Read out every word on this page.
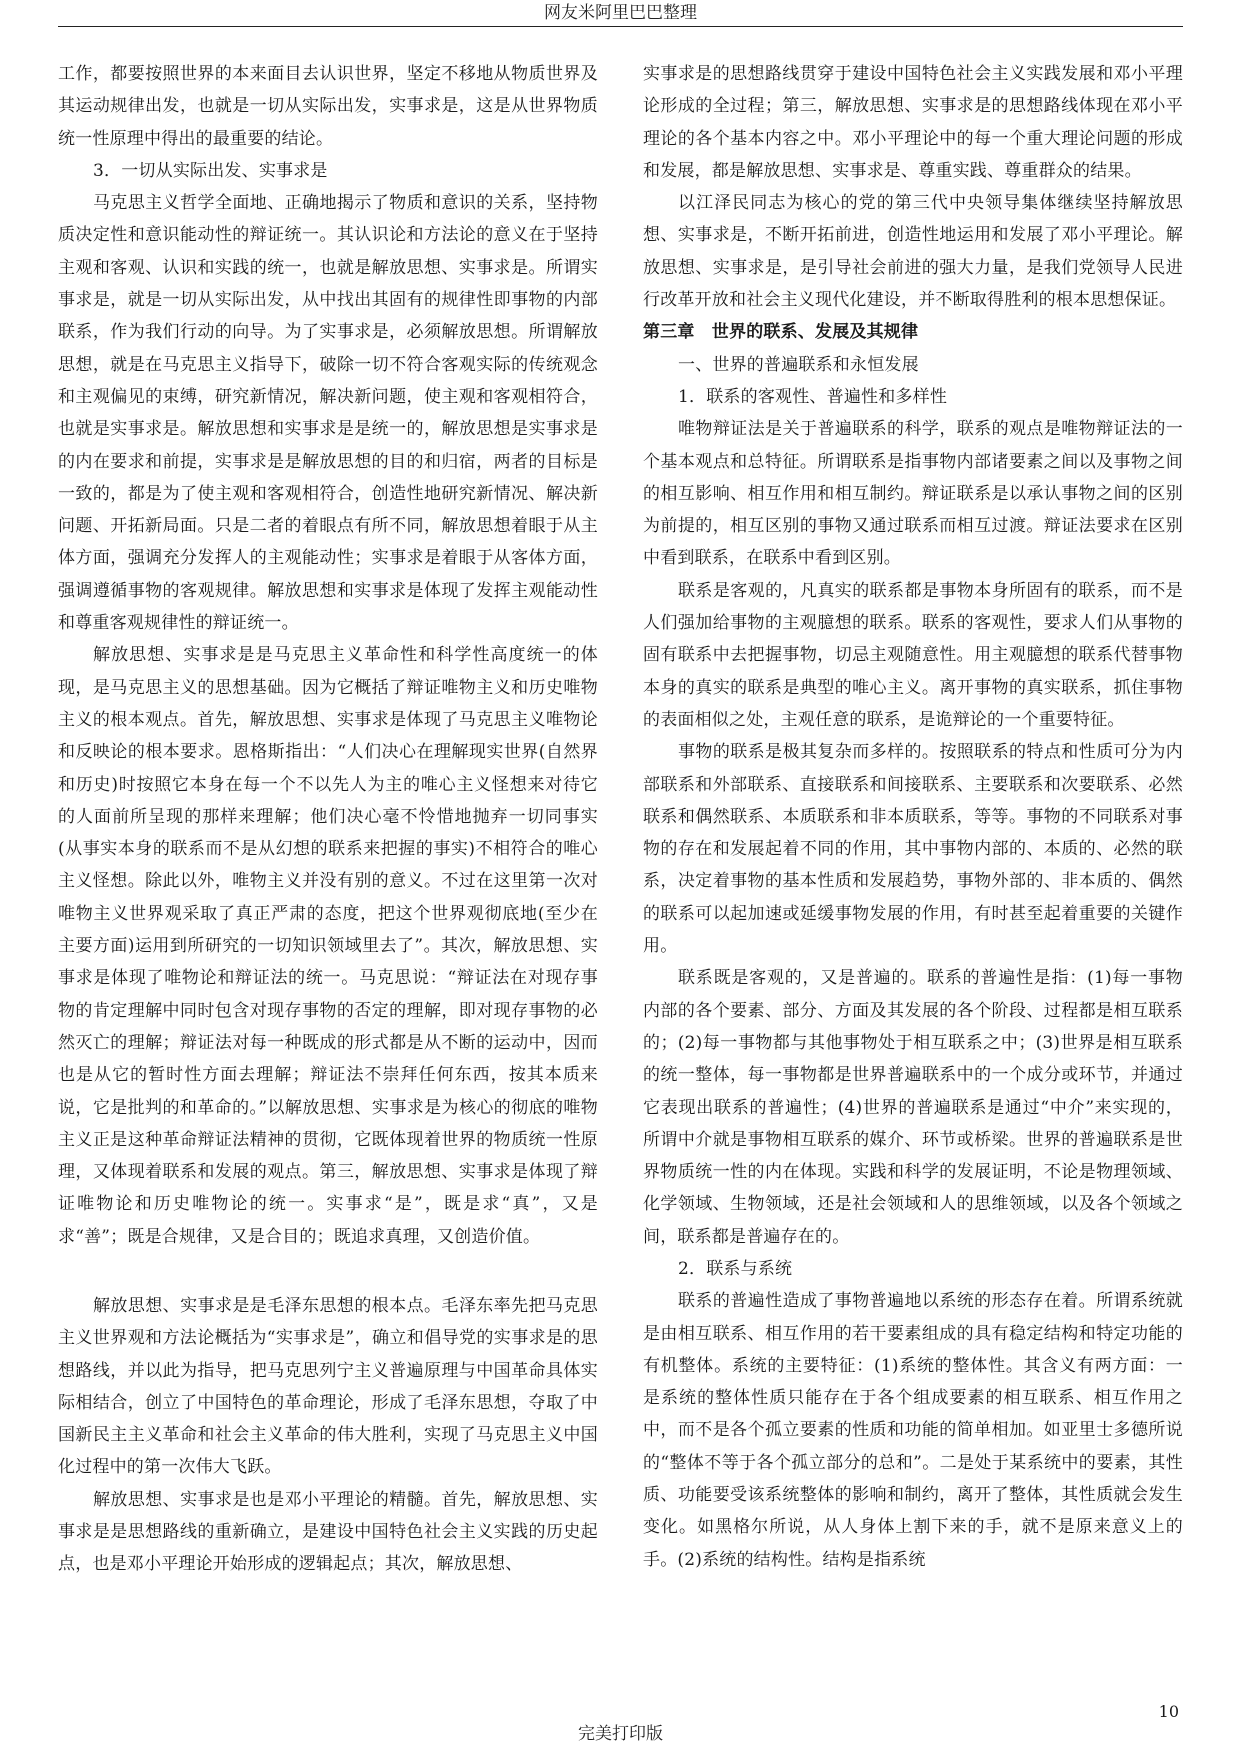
网友米阿里巴巴整理

工作，都要按照世界的本来面目去认识世界，坚定不移地从物质世界及其运动规律出发，也就是一切从实际出发，实事求是，这是从世界物质统一性原理中得出的最重要的结论。

3．一切从实际出发、实事求是

马克思主义哲学全面地、正确地揭示了物质和意识的关系，坚持物质决定性和意识能动性的辩证统一。其认识论和方法论的意义在于坚持主观和客观、认识和实践的统一，也就是解放思想、实事求是。所谓实事求是，就是一切从实际出发，从中找出其固有的规律性即事物的内部联系，作为我们行动的向导。为了实事求是，必须解放思想。所谓解放思想，就是在马克思主义指导下，破除一切不符合客观实际的传统观念和主观偏见的束缚，研究新情况，解决新问题，使主观和客观相符合，也就是实事求是。解放思想和实事求是是统一的，解放思想是实事求是的内在要求和前提，实事求是是解放思想的目的和归宿，两者的目标是一致的，都是为了使主观和客观相符合，创造性地研究新情况、解决新问题、开拓新局面。只是二者的着眼点有所不同，解放思想着眼于从主体方面，强调充分发挥人的主观能动性；实事求是着眼于从客体方面，强调遵循事物的客观规律。解放思想和实事求是体现了发挥主观能动性和尊重客观规律性的辩证统一。

解放思想、实事求是是马克思主义革命性和科学性高度统一的体现，是马克思主义的思想基础。因为它概括了辩证唯物主义和历史唯物主义的根本观点。首先，解放思想、实事求是体现了马克思主义唯物论和反映论的根本要求。恩格斯指出：“人们决心在理解现实世界(自然界和历史)时按照它本身在每一个不以先人为主的唯心主义怪想来对待它的人面前所呈现的那样来理解；他们决心毫不怜惜地抛弃一切同事实(从事实本身的联系而不是从幻想的联系来把握的事实)不相符合的唯心主义怪想。除此以外，唯物主义并没有别的意义。不过在这里第一次对唯物主义世界观采取了真正严肃的态度，把这个世界观彻底地(至少在主要方面)运用到所研究的一切知识领域里去了”。其次，解放思想、实事求是体现了唯物论和辩证法的统一。马克思说：“辩证法在对现存事物的肯定理解中同时包含对现存事物的否定的理解，即对现存事物的必然灭亡的理解；辩证法对每一种既成的形式都是从不断的运动中，因而也是从它的暂时性方面去理解；辩证法不崇拜任何东西，按其本质来说，它是批判的和革命的。”以解放思想、实事求是为核心的彻底的唯物主义正是这种革命辩证法精神的贯彻，它既体现着世界的物质统一性原理，又体现着联系和发展的观点。第三，解放思想、实事求是体现了辩证唯物论和历史唯物论的统一。实事求“是”，既是求“真”，又是求“善”；既是合规律，又是合目的；既追求真理，又创造价值。

解放思想、实事求是是毛泽东思想的根本点。毛泽东率先把马克思主义世界观和方法论概括为“实事求是”，确立和倡导党的实事求是的思想路线，并以此为指导，把马克思列宁主义普遍原理与中国革命具体实际相结合，创立了中国特色的革命理论，形成了毛泽东思想，夺取了中国新民主主义革命和社会主义革命的伟大胜利，实现了马克思主义中国化过程中的第一次伟大飞跃。

解放思想、实事求是也是邓小平理论的精髓。首先，解放思想、实事求是是思想路线的重新确立，是建设中国特色社会主义实践的历史起点，也是邓小平理论开始形成的逻辑起点；其次，解放思想、

实事求是的思想路线贯穿于建设中国特色社会主义实践发展和邓小平理论形成的全过程；第三，解放思想、实事求是的思想路线体现在邓小平理论的各个基本内容之中。邓小平理论中的每一个重大理论问题的形成和发展，都是解放思想、实事求是、尊重实践、尊重群众的结果。

以江泽民同志为核心的党的第三代中央领导集体继续坚持解放思想、实事求是，不断开拓前进，创造性地运用和发展了邓小平理论。解放思想、实事求是，是引导社会前进的强大力量，是我们党领导人民进行改革开放和社会主义现代化建设，并不断取得胜利的根本思想保证。

第三章　世界的联系、发展及其规律

一、世界的普遍联系和永恒发展

1．联系的客观性、普遍性和多样性

唯物辩证法是关于普遍联系的科学，联系的观点是唯物辩证法的一个基本观点和总特征。所谓联系是指事物内部诸要素之间以及事物之间的相互影响、相互作用和相互制约。辩证联系是以承认事物之间的区别为前提的，相互区别的事物又通过联系而相互过渡。辩证法要求在区别中看到联系，在联系中看到区别。

联系是客观的，凡真实的联系都是事物本身所固有的联系，而不是人们强加给事物的主观臆想的联系。联系的客观性，要求人们从事物的固有联系中去把握事物，切忌主观随意性。用主观臆想的联系代替事物本身的真实的联系是典型的唯心主义。离开事物的真实联系，抓住事物的表面相似之处，主观任意的联系，是诡辩论的一个重要特征。

事物的联系是极其复杂而多样的。按照联系的特点和性质可分为内部联系和外部联系、直接联系和间接联系、主要联系和次要联系、必然联系和偶然联系、本质联系和非本质联系，等等。事物的不同联系对事物的存在和发展起着不同的作用，其中事物内部的、本质的、必然的联系，决定着事物的基本性质和发展趋势，事物外部的、非本质的、偶然的联系可以起加速或延缓事物发展的作用，有时甚至起着重要的关键作用。

联系既是客观的，又是普遍的。联系的普遍性是指：(1)每一事物内部的各个要素、部分、方面及其发展的各个阶段、过程都是相互联系的；(2)每一事物都与其他事物处于相互联系之中；(3)世界是相互联系的统一整体，每一事物都是世界普遍联系中的一个成分或环节，并通过它表现出联系的普遍性；(4)世界的普遍联系是通过“中介”来实现的，所谓中介就是事物相互联系的媒介、环节或桥梁。世界的普遍联系是世界物质统一性的内在体现。实践和科学的发展证明，不论是物理领域、化学领域、生物领域，还是社会领域和人的思维领域，以及各个领域之间，联系都是普遍存在的。

2．联系与系统

联系的普遍性造成了事物普遍地以系统的形态存在着。所谓系统就是由相互联系、相互作用的若干要素组成的具有稳定结构和特定功能的有机整体。系统的主要特征：(1)系统的整体性。其含义有两方面：一是系统的整体性质只能存在于各个组成要素的相互联系、相互作用之中，而不是各个孤立要素的性质和功能的简单相加。如亚里士多德所说的“整体不等于各个孤立部分的总和”。二是处于某系统中的要素，其性质、功能要受该系统整体的影响和制约，离开了整体，其性质就会发生变化。如黑格尔所说，从人身体上割下来的手，就不是原来意义上的手。(2)系统的结构性。结构是指系统

10
完美打印版
